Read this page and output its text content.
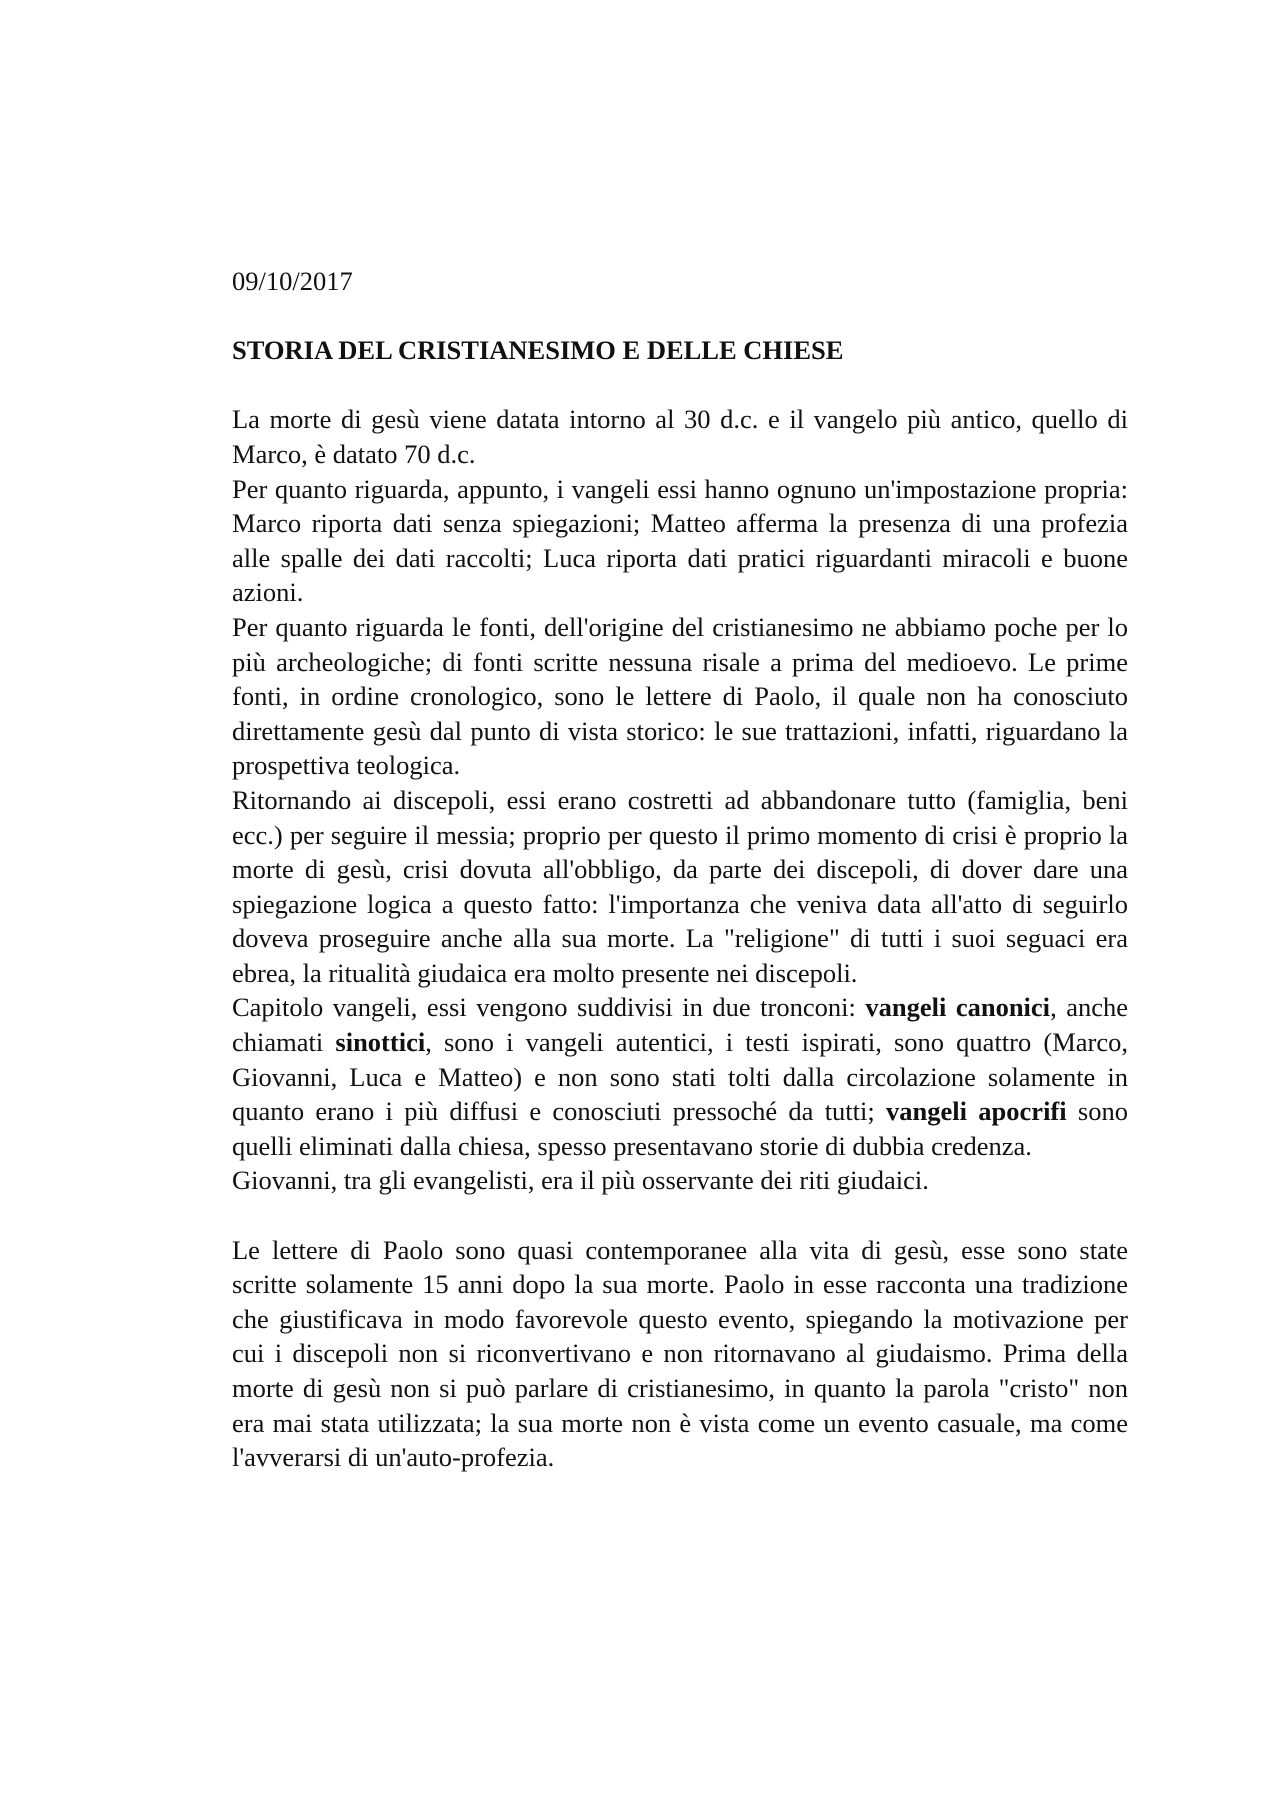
09/10/2017

STORIA DEL CRISTIANESIMO E DELLE CHIESE

La morte di gesù viene datata intorno al 30 d.c. e il vangelo più antico, quello di Marco, è datato 70 d.c.

Per quanto riguarda, appunto, i vangeli essi hanno ognuno un'impostazione propria: Marco riporta dati senza spiegazioni; Matteo afferma la presenza di una profezia alle spalle dei dati raccolti; Luca riporta dati pratici riguardanti miracoli e buone azioni.

Per quanto riguarda le fonti, dell'origine del cristianesimo ne abbiamo poche per lo più archeologiche; di fonti scritte nessuna risale a prima del medioevo. Le prime fonti, in ordine cronologico, sono le lettere di Paolo, il quale non ha conosciuto direttamente gesù dal punto di vista storico: le sue trattazioni, infatti, riguardano la prospettiva teologica.

Ritornando ai discepoli, essi erano costretti ad abbandonare tutto (famiglia, beni ecc.) per seguire il messia; proprio per questo il primo momento di crisi è proprio la morte di gesù, crisi dovuta all'obbligo, da parte dei discepoli, di dover dare una spiegazione logica a questo fatto: l'importanza che veniva data all'atto di seguirlo doveva proseguire anche alla sua morte. La "religione" di tutti i suoi seguaci era ebrea, la ritualità giudaica era molto presente nei discepoli.

Capitolo vangeli, essi vengono suddivisi in due tronconi: vangeli canonici, anche chiamati sinottici, sono i vangeli autentici, i testi ispirati, sono quattro (Marco, Giovanni, Luca e Matteo) e non sono stati tolti dalla circolazione solamente in quanto erano i più diffusi e conosciuti pressoché da tutti; vangeli apocrifi sono quelli eliminati dalla chiesa, spesso presentavano storie di dubbia credenza.

Giovanni, tra gli evangelisti, era il più osservante dei riti giudaici.

Le lettere di Paolo sono quasi contemporanee alla vita di gesù, esse sono state scritte solamente 15 anni dopo la sua morte. Paolo in esse racconta una tradizione che giustificava in modo favorevole questo evento, spiegando la motivazione per cui i discepoli non si riconvertivano e non ritornavano al giudaismo. Prima della morte di gesù non si può parlare di cristianesimo, in quanto la parola "cristo" non era mai stata utilizzata; la sua morte non è vista come un evento casuale, ma come l'avverarsi di un'auto-profezia.
